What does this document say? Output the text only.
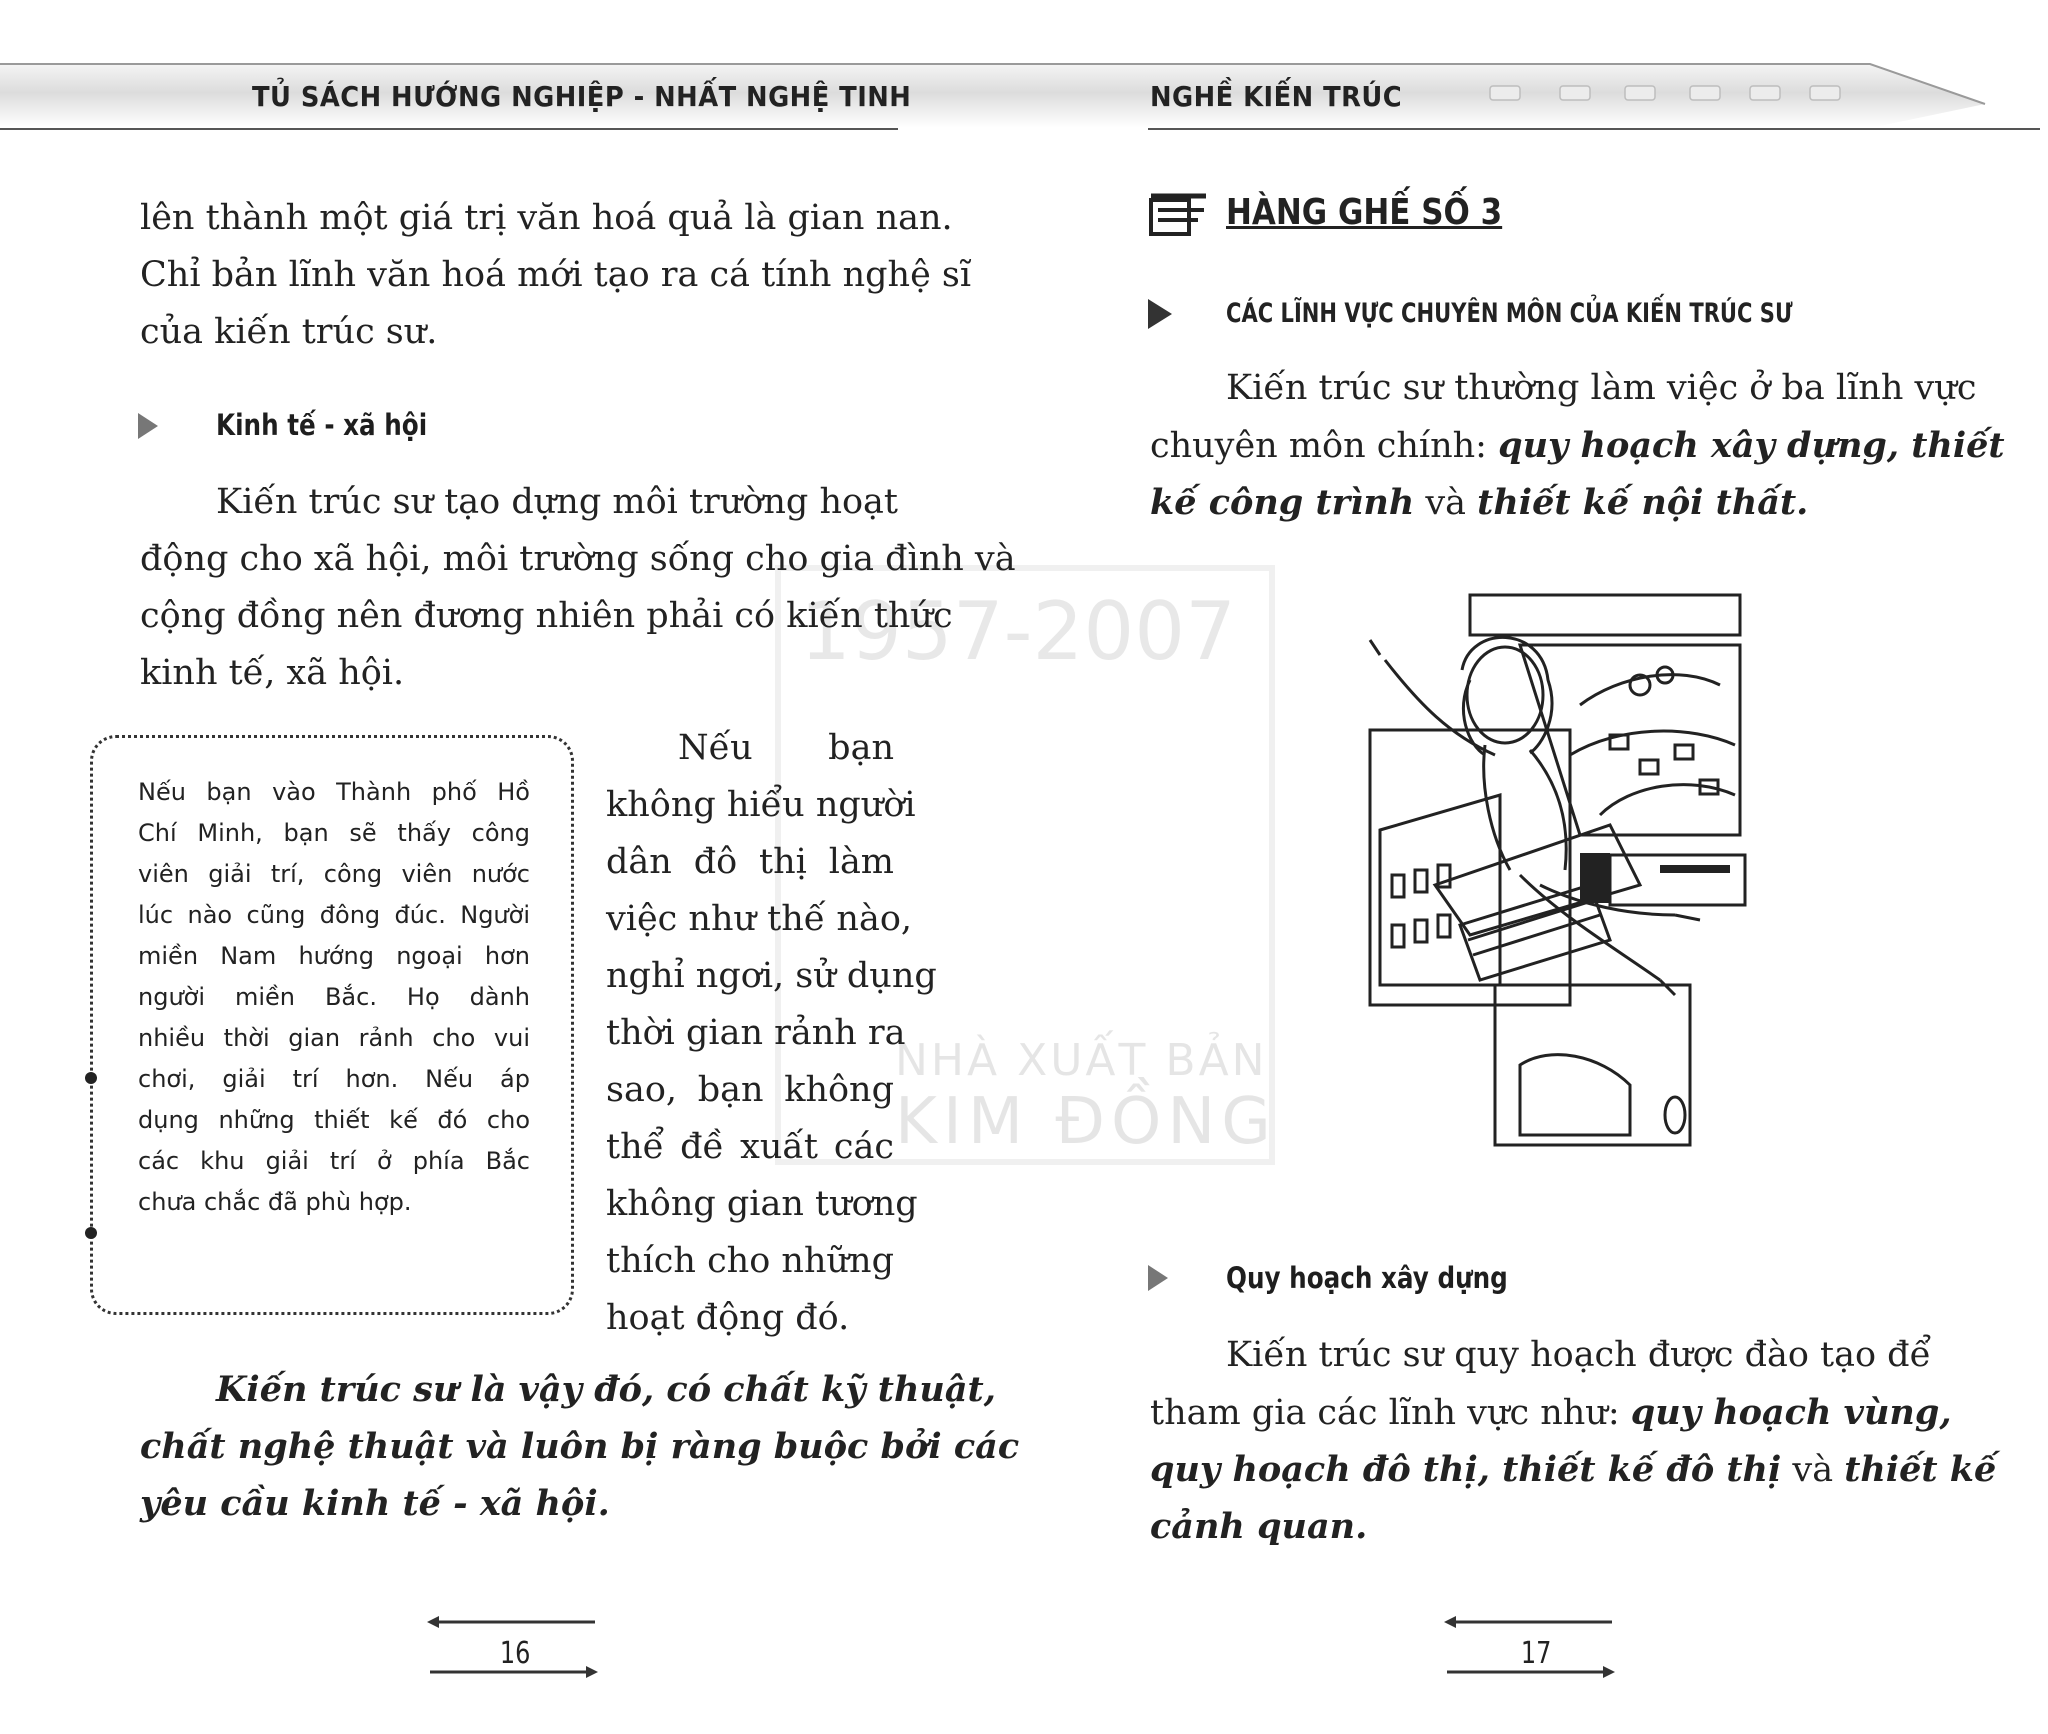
TỦ SÁCH HƯỚNG NGHIỆP - NHẤT NGHỆ TINH	NGHỀ KIẾN TRÚC
1957-2007
NHÀ XUẤT BẢN
KIM ĐỒNG
lên thành một giá trị văn hoá quả là gian nan.
Chỉ bản lĩnh văn hoá mới tạo ra cá tính nghệ sĩ
của kiến trúc sư.
Kinh tế - xã hội
Kiến trúc sư tạo dựng môi trường hoạt
động cho xã hội, môi trường sống cho gia đình và
cộng đồng nên đương nhiên phải có kiến thức
kinh tế, xã hội.
Nếu bạn vào Thành phố Hồ
Chí Minh, bạn sẽ thấy công
viên giải trí, công viên nước
lúc nào cũng đông đúc. Người
miền Nam hướng ngoại hơn
người miền Bắc. Họ dành
nhiều thời gian rảnh cho vui
chơi, giải trí hơn. Nếu áp
dụng những thiết kế đó cho
các khu giải trí ở phía Bắc
chưa chắc đã phù hợp.
Nếu bạn
không hiểu người
dân đô thị làm
việc như thế nào,
nghỉ ngơi, sử dụng
thời gian rảnh ra
sao, bạn không
thể đề xuất các
không gian tương
thích cho những
hoạt động đó.
Kiến trúc sư là vậy đó, có chất kỹ thuật,
chất nghệ thuật và luôn bị ràng buộc bởi các
yêu cầu kinh tế - xã hội.
16
HÀNG GHẾ SỐ 3
CÁC LĨNH VỰC CHUYÊN MÔN CỦA KIẾN TRÚC SƯ
Kiến trúc sư thường làm việc ở ba lĩnh vực
chuyên môn chính: quy hoạch xây dựng, thiết
kế công trình và thiết kế nội thất.
Quy hoạch xây dựng
Kiến trúc sư quy hoạch được đào tạo để
tham gia các lĩnh vực như: quy hoạch vùng,
quy hoạch đô thị, thiết kế đô thị và thiết kế
cảnh quan.
17
